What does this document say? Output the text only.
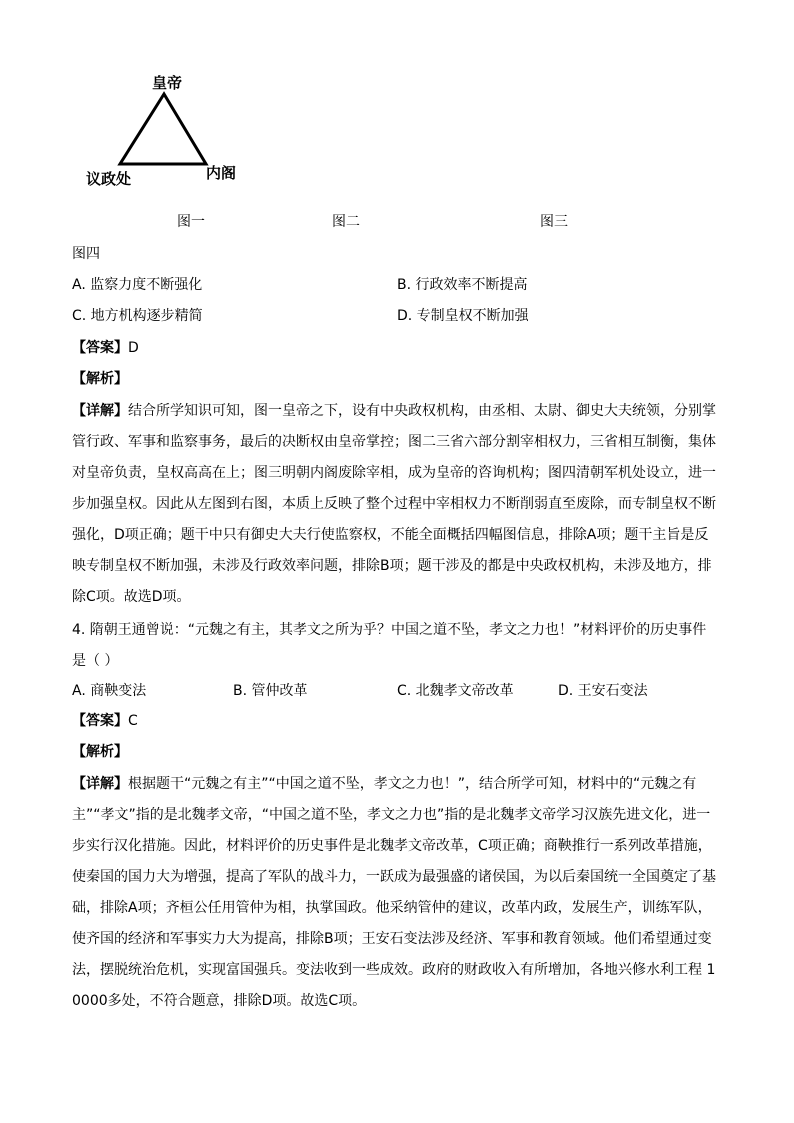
皇帝
议政处	内阁
图一	图二	图三
图四
A. 监察力度不断强化	B. 行政效率不断提高
C. 地方机构逐步精简	D. 专制皇权不断加强
【答案】D
【解析】
【详解】结合所学知识可知，图一皇帝之下，设有中央政权机构，由丞相、太尉、御史大夫统领，分别掌管行政、军事和监察事务，最后的决断权由皇帝掌控；图二三省六部分割宰相权力，三省相互制衡，集体对皇帝负责，皇权高高在上；图三明朝内阁废除宰相，成为皇帝的咨询机构；图四清朝军机处设立，进一步加强皇权。因此从左图到右图，本质上反映了整个过程中宰相权力不断削弱直至废除，而专制皇权不断强化，D项正确；题干中只有御史大夫行使监察权，不能全面概括四幅图信息，排除A项；题干主旨是反映专制皇权不断加强，未涉及行政效率问题，排除B项；题干涉及的都是中央政权机构，未涉及地方，排除C项。故选D项。
4. 隋朝王通曾说：“元魏之有主，其孝文之所为乎？中国之道不坠，孝文之力也！”材料评价的历史事件
是（ ）
A. 商鞅变法	B. 管仲改革	C. 北魏孝文帝改革	D. 王安石变法
【答案】C
【解析】
【详解】根据题干“元魏之有主”“中国之道不坠，孝文之力也！”，结合所学可知，材料中的“元魏之有主”“孝文”指的是北魏孝文帝，“中国之道不坠，孝文之力也”指的是北魏孝文帝学习汉族先进文化，进一步实行汉化措施。因此，材料评价的历史事件是北魏孝文帝改革，C项正确；商鞅推行一系列改革措施，使秦国的国力大为增强，提高了军队的战斗力，一跃成为最强盛的诸侯国，为以后秦国统一全国奠定了基础，排除A项；齐桓公任用管仲为相，执掌国政。他采纳管仲的建议，改革内政，发展生产，训练军队，使齐国的经济和军事实力大为提高，排除B项；王安石变法涉及经济、军事和教育领域。他们希望通过变法，摆脱统治危机，实现富国强兵。变法收到一些成效。政府的财政收入有所增加，各地兴修水利工程 10000多处，不符合题意，排除D项。故选C项。
